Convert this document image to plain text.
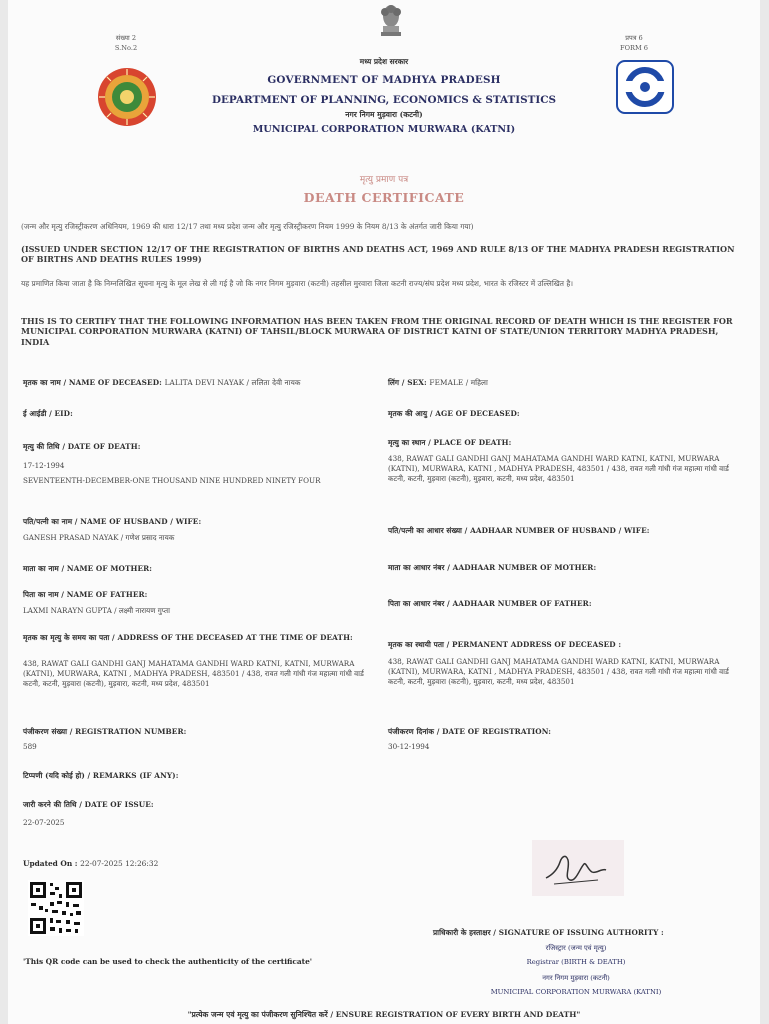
संख्या 2
S.No.2
प्रपत्र 6
FORM 6
मध्य प्रदेश सरकार
GOVERNMENT OF MADHYA PRADESH
DEPARTMENT OF PLANNING, ECONOMICS & STATISTICS
नगर निगम मुड़वारा (कटनी)
MUNICIPAL CORPORATION MURWARA (KATNI)
मृत्यु प्रमाण पत्र
DEATH CERTIFICATE
(जन्म और मृत्यु रजिस्ट्रीकरण अधिनियम, 1969 की धारा 12/17 तथा मध्य प्रदेश जन्म और मृत्यु रजिस्ट्रीकरण नियम 1999 के नियम 8/13 के अंतर्गत जारी किया गया)
(ISSUED UNDER SECTION 12/17 OF THE REGISTRATION OF BIRTHS AND DEATHS ACT, 1969 AND RULE 8/13 OF THE MADHYA PRADESH REGISTRATION OF BIRTHS AND DEATHS RULES 1999)
यह प्रमाणित किया जाता है कि निम्नलिखित सूचना मृत्यु के मूल लेख से ली गई है जो कि नगर निगम मुड़वारा (कटनी) तहसील मुरवारा जिला कटनी राज्य/संघ प्रदेश मध्य प्रदेश, भारत के रजिस्टर में उल्लिखित है।
THIS IS TO CERTIFY THAT THE FOLLOWING INFORMATION HAS BEEN TAKEN FROM THE ORIGINAL RECORD OF DEATH WHICH IS THE REGISTER FOR MUNICIPAL CORPORATION MURWARA (KATNI) OF TAHSIL/BLOCK MURWARA OF DISTRICT KATNI OF STATE/UNION TERRITORY MADHYA PRADESH, INDIA
मृतक का नाम / NAME OF DECEASED: LALITA DEVI NAYAK / ललिता देवी नायक
ई आईडी / EID:
मृत्यु की तिथि / DATE OF DEATH:
17-12-1994
SEVENTEENTH-DECEMBER-ONE THOUSAND NINE HUNDRED NINETY FOUR
पति/पत्नी का नाम / NAME OF HUSBAND / WIFE:
GANESH PRASAD NAYAK / गणेश प्रसाद नायक
माता का नाम / NAME OF MOTHER:
पिता का नाम / NAME OF FATHER:
LAXMI NARAYN GUPTA / लक्ष्मी नारायण गुप्ता
मृतक का मृत्यु के समय का पता / ADDRESS OF THE DECEASED AT THE TIME OF DEATH:
438, RAWAT GALI GANDHI GANJ MAHATAMA GANDHI WARD KATNI, KATNI, MURWARA (KATNI), MURWARA, KATNI , MADHYA PRADESH, 483501 / 438, रावत गली गांधी गंज महात्मा गांधी वार्ड कटनी, कटनी, मुड़वारा (कटनी), मुड़वारा, कटनी, मध्य प्रदेश, 483501
पंजीकरण संख्या / REGISTRATION NUMBER:
589
टिप्पणी (यदि कोई हो) / REMARKS (IF ANY):
जारी करने की तिथि / DATE OF ISSUE:
22-07-2025
लिंग / SEX: FEMALE / महिला
मृतक की आयु / AGE OF DECEASED:
मृत्यु का स्थान / PLACE OF DEATH:
438, RAWAT GALI GANDHI GANJ MAHATAMA GANDHI WARD KATNI, KATNI, MURWARA (KATNI), MURWARA, KATNI , MADHYA PRADESH, 483501 / 438, रावत गली गांधी गंज महात्मा गांधी वार्ड कटनी, कटनी, मुड़वारा (कटनी), मुड़वारा, कटनी, मध्य प्रदेश, 483501
पति/पत्नी का आधार संख्या / AADHAAR NUMBER OF HUSBAND / WIFE:
माता का आधार नंबर / AADHAAR NUMBER OF MOTHER:
पिता का आधार नंबर / AADHAAR NUMBER OF FATHER:
मृतक का स्थायी पता / PERMANENT ADDRESS OF DECEASED :
438, RAWAT GALI GANDHI GANJ MAHATAMA GANDHI WARD KATNI, KATNI, MURWARA (KATNI), MURWARA, KATNI , MADHYA PRADESH, 483501 / 438, रावत गली गांधी गंज महात्मा गांधी वार्ड कटनी, कटनी, मुड़वारा (कटनी), मुड़वारा, कटनी, मध्य प्रदेश, 483501
पंजीकरण दिनांक / DATE OF REGISTRATION:
30-12-1994
Updated On : 22-07-2025 12:26:32
'This QR code can be used to check the authenticity of the certificate'
प्राधिकारी के हस्ताक्षर / SIGNATURE OF ISSUING AUTHORITY :
रजिस्ट्रार (जन्म एवं मृत्यु)
Registrar (BIRTH & DEATH)
नगर निगम मुड़वारा (कटनी)
MUNICIPAL CORPORATION MURWARA (KATNI)
"प्रत्येक जन्म एवं मृत्यु का पंजीकरण सुनिश्चित करें / ENSURE REGISTRATION OF EVERY BIRTH AND DEATH"
